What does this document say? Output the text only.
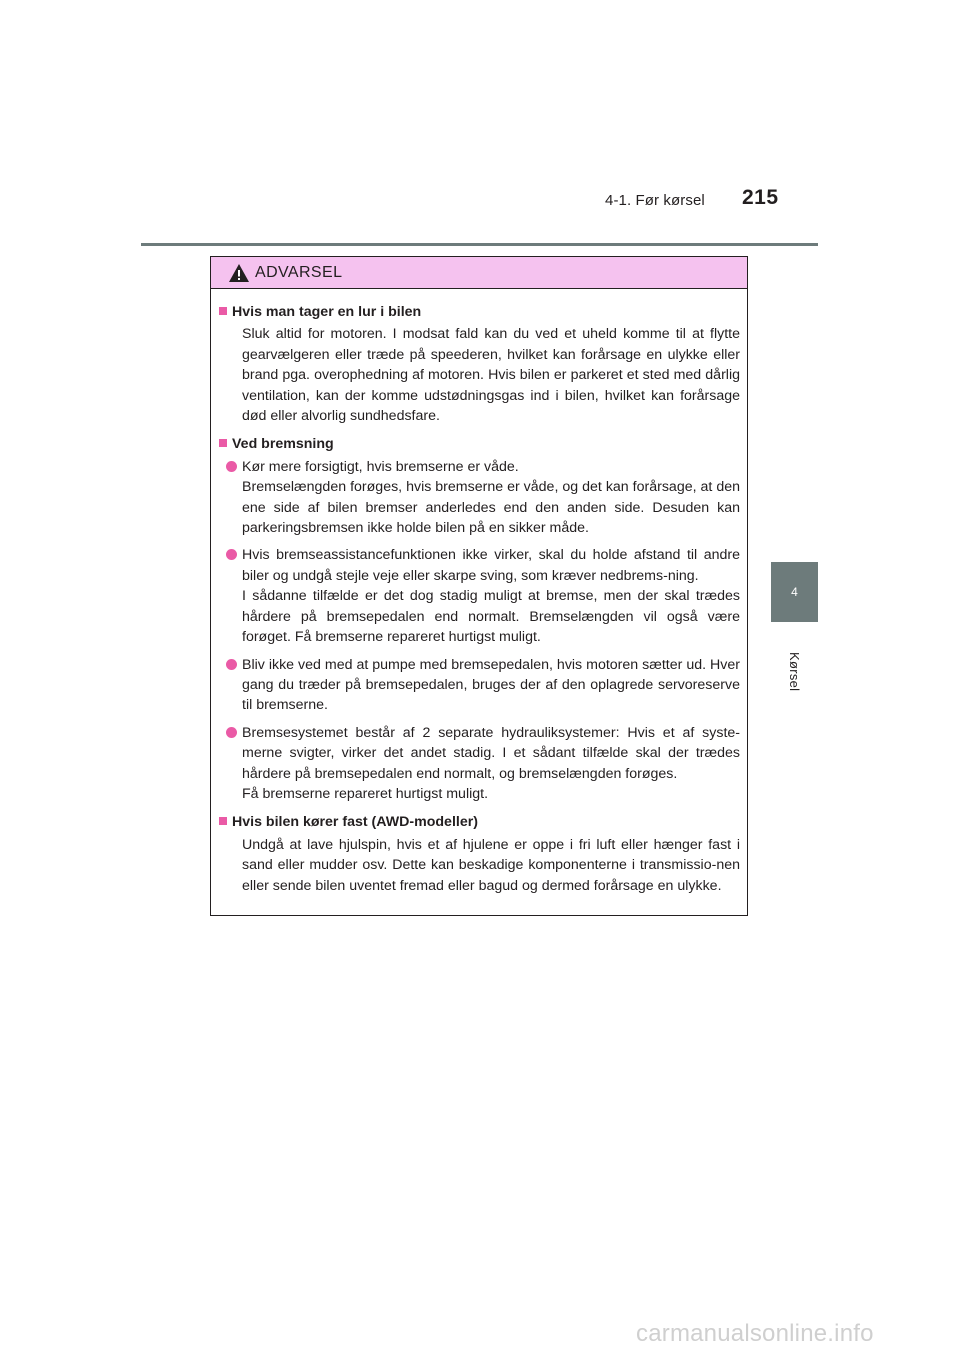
4-1. Før kørsel 215
4
Kørsel
ADVARSEL

Hvis man tager en lur i bilen

Sluk altid for motoren. I modsat fald kan du ved et uheld komme til at flytte gearvælgeren eller træde på speederen, hvilket kan forårsage en ulykke eller brand pga. overophedning af motoren. Hvis bilen er parkeret et sted med dårlig ventilation, kan der komme udstødningsgas ind i bilen, hvilket kan forårsage død eller alvorlig sundhedsfare.

Ved bremsning

Kør mere forsigtigt, hvis bremserne er våde.

Bremselængden forøges, hvis bremserne er våde, og det kan forårsage, at den ene side af bilen bremser anderledes end den anden side. Desuden kan parkeringsbremsen ikke holde bilen på en sikker måde.

Hvis bremseassistancefunktionen ikke virker, skal du holde afstand til andre biler og undgå stejle veje eller skarpe sving, som kræver nedbrems-ning.

I sådanne tilfælde er det dog stadig muligt at bremse, men der skal trædes hårdere på bremsepedalen end normalt. Bremselængden vil også være forøget. Få bremserne repareret hurtigst muligt.

Bliv ikke ved med at pumpe med bremsepedalen, hvis motoren sætter ud. Hver gang du træder på bremsepedalen, bruges der af den oplagrede servoreserve til bremserne.

Bremsesystemet består af 2 separate hydrauliksystemer: Hvis et af syste-merne svigter, virker det andet stadig. I et sådant tilfælde skal der trædes hårdere på bremsepedalen end normalt, og bremselængden forøges.

Få bremserne repareret hurtigst muligt.

Hvis bilen kører fast (AWD-modeller)

Undgå at lave hjulspin, hvis et af hjulene er oppe i fri luft eller hænger fast i sand eller mudder osv. Dette kan beskadige komponenterne i transmissio-nen eller sende bilen uventet fremad eller bagud og dermed forårsage en ulykke.

carmanualsonline.info
